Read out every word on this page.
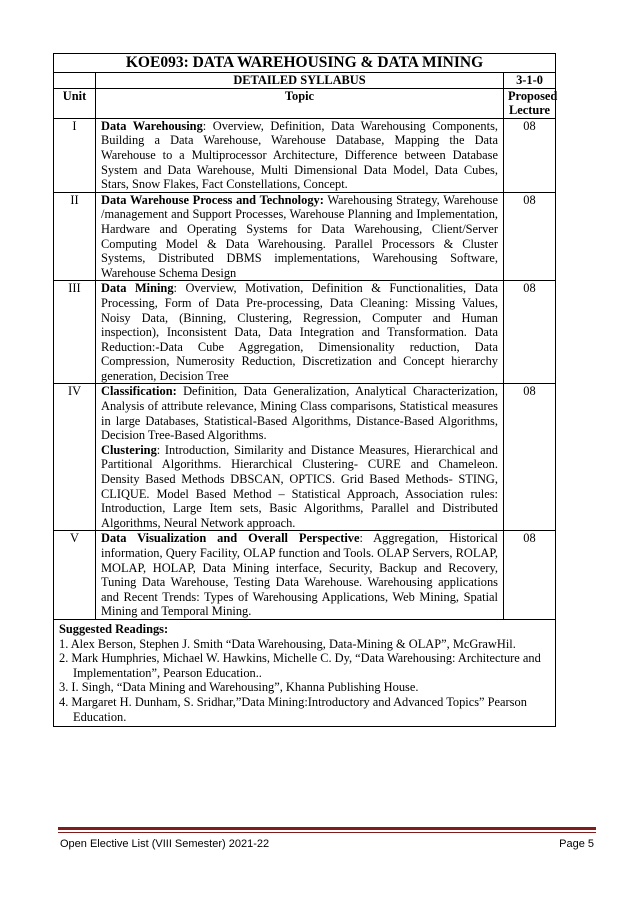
KOE093: DATA WAREHOUSING & DATA MINING		
	DETAILED SYLLABUS	3-1-0
Unit	Topic	Proposed Lecture
I	Data Warehousing: Overview, Definition, Data Warehousing Components, Building a Data Warehouse, Warehouse Database, Mapping the Data Warehouse to a Multiprocessor Architecture, Difference between Database System and Data Warehouse, Multi Dimensional Data Model, Data Cubes, Stars, Snow Flakes, Fact Constellations, Concept.	08
II	Data Warehouse Process and Technology: Warehousing Strategy, Warehouse /management and Support Processes, Warehouse Planning and Implementation, Hardware and Operating Systems for Data Warehousing, Client/Server Computing Model & Data Warehousing. Parallel Processors & Cluster Systems, Distributed DBMS implementations, Warehousing Software, Warehouse Schema Design	08
III	Data Mining: Overview, Motivation, Definition & Functionalities, Data Processing, Form of Data Pre-processing, Data Cleaning: Missing Values, Noisy Data, (Binning, Clustering, Regression, Computer and Human inspection), Inconsistent Data, Data Integration and Transformation. Data Reduction:-Data Cube Aggregation, Dimensionality reduction, Data Compression, Numerosity Reduction, Discretization and Concept hierarchy generation, Decision Tree	08
IV	Classification: Definition, Data Generalization, Analytical Characterization, Analysis of attribute relevance, Mining Class comparisons, Statistical measures in large Databases, Statistical-Based Algorithms, Distance-Based Algorithms, Decision Tree-Based Algorithms.
Clustering: Introduction, Similarity and Distance Measures, Hierarchical and Partitional Algorithms. Hierarchical Clustering- CURE and Chameleon. Density Based Methods DBSCAN, OPTICS. Grid Based Methods- STING, CLIQUE. Model Based Method – Statistical Approach, Association rules: Introduction, Large Item sets, Basic Algorithms, Parallel and Distributed Algorithms, Neural Network approach.	08
V	Data Visualization and Overall Perspective: Aggregation, Historical information, Query Facility, OLAP function and Tools. OLAP Servers, ROLAP, MOLAP, HOLAP, Data Mining interface, Security, Backup and Recovery, Tuning Data Warehouse, Testing Data Warehouse. Warehousing applications and Recent Trends: Types of Warehousing Applications, Web Mining, Spatial Mining and Temporal Mining.	08

Suggested Readings:
1. Alex Berson, Stephen J. Smith “Data Warehousing, Data-Mining & OLAP”, McGrawHil.
2. Mark Humphries, Michael W. Hawkins, Michelle C. Dy, “Data Warehousing: Architecture and Implementation”, Pearson Education..
3. I. Singh, “Data Mining and Warehousing”, Khanna Publishing House.
4. Margaret H. Dunham, S. Sridhar,”Data Mining:Introductory and Advanced Topics” Pearson Education.		
Open Elective List (VIII Semester) 2021-22	Page 5
